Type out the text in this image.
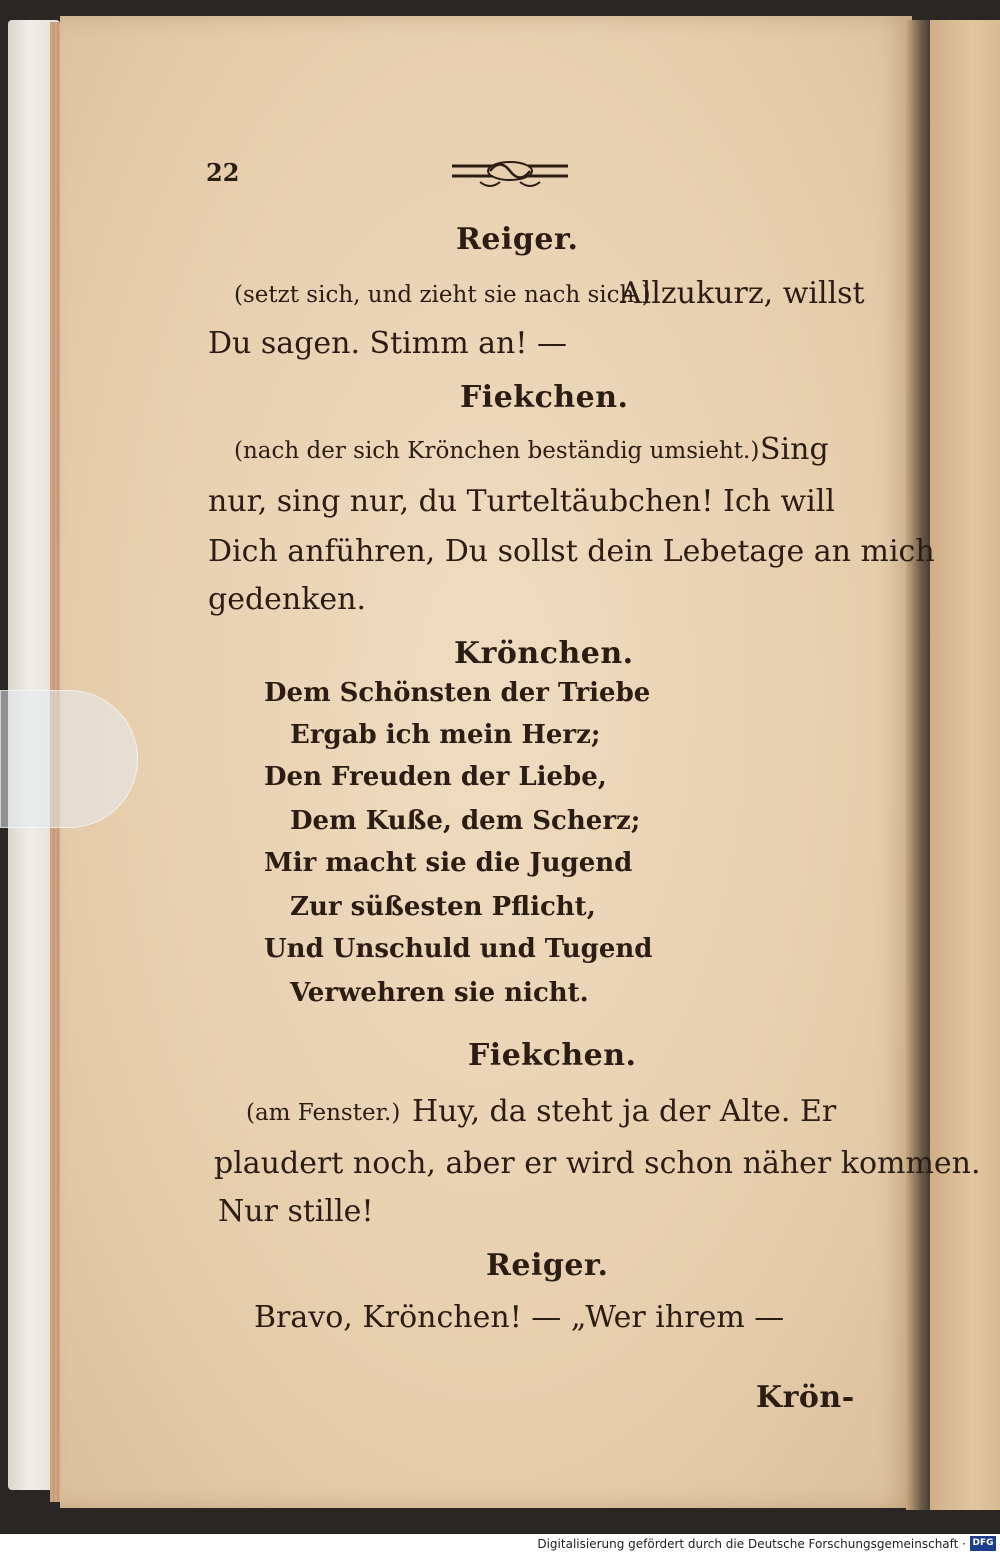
22
Reiger.
(setzt sich, und zieht sie nach sich.)
Allzukurz, willst
Du sagen. Stimm an! —
Fiekchen.
(nach der sich Krönchen beständig umsieht.) Sing
nur, sing nur, du Turteltäubchen! Ich will
Dich anführen, Du sollst dein Lebetage an mich
gedenken.
Krönchen.
Dem Schönsten der Triebe
Ergab ich mein Herz;
Den Freuden der Liebe,
Dem Kuße, dem Scherz;
Mir macht sie die Jugend
Zur süßesten Pflicht,
Und Unschuld und Tugend
Verwehren sie nicht.
Fiekchen.
(am Fenster.) Huy, da steht ja der Alte. Er
plaudert noch, aber er wird schon näher kommen.
Nur stille!
Reiger.
Bravo, Krönchen! — „Wer ihrem —
Krön-
Digitalisierung gefördert durch die Deutsche Forschungsgemeinschaft · DFG
